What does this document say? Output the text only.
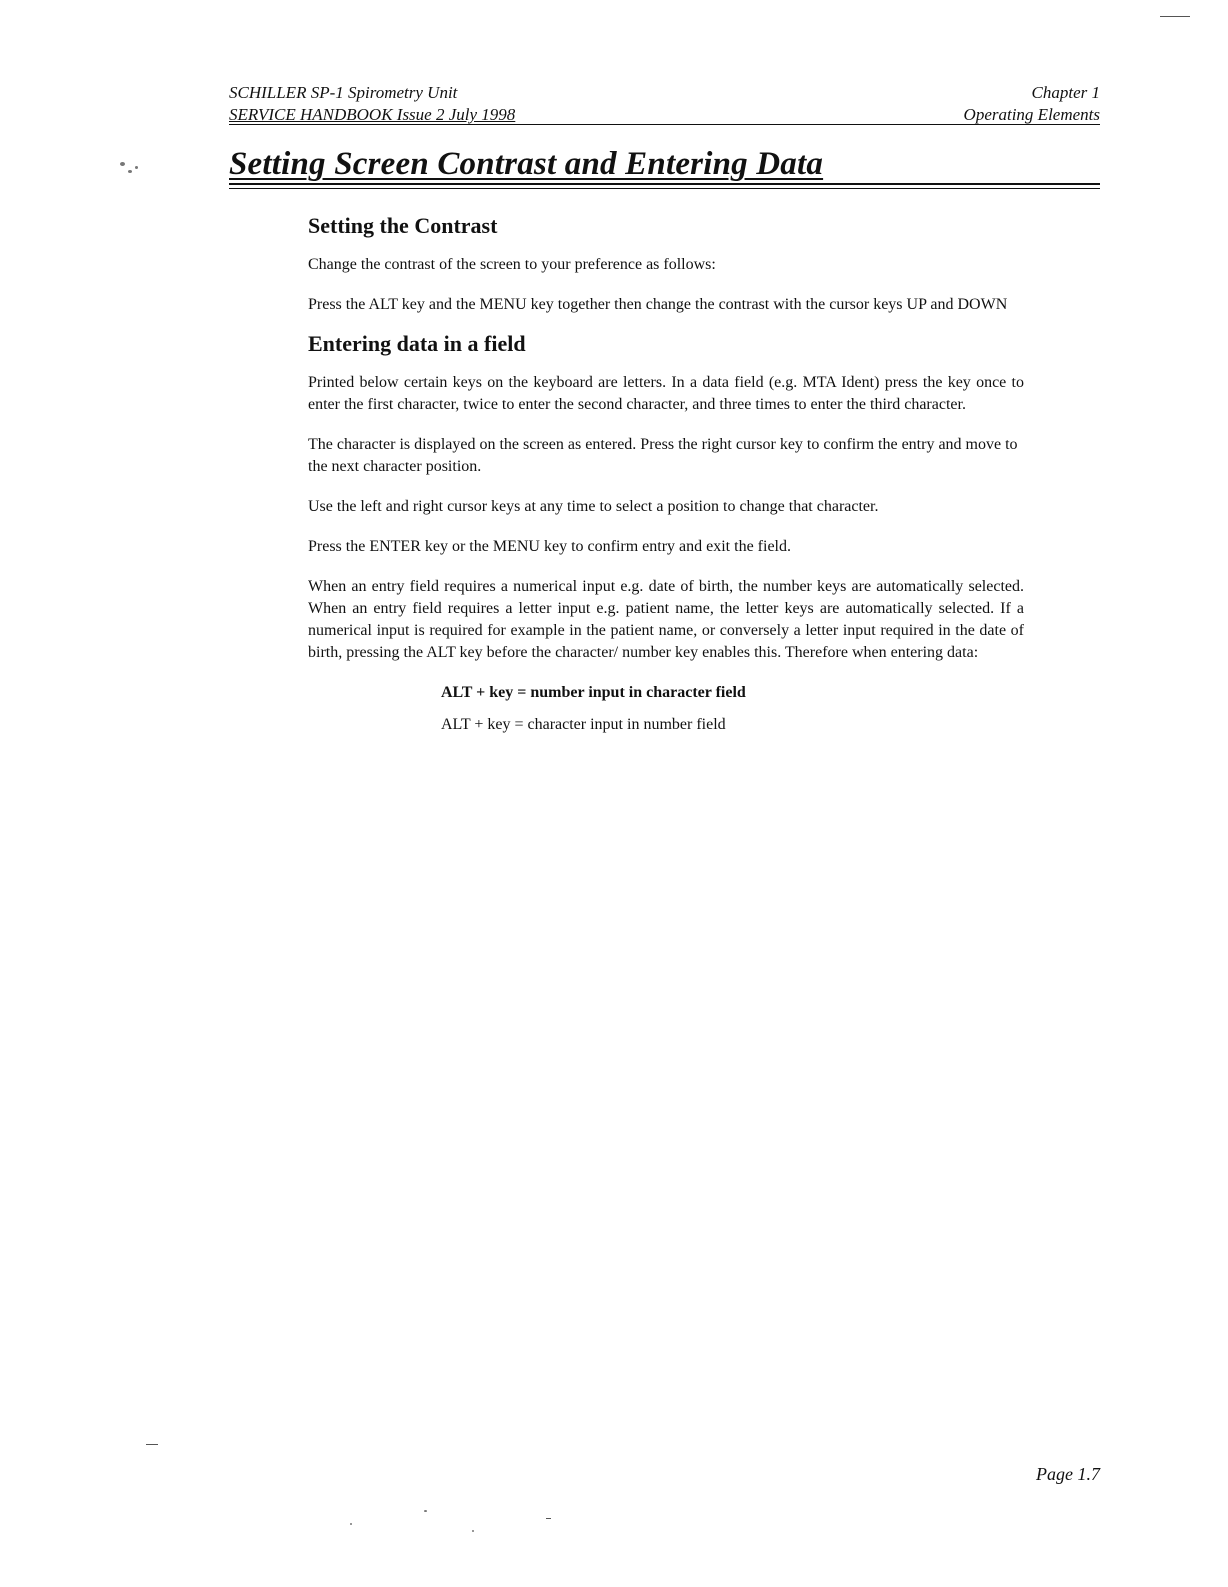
SCHILLER SP-1 Spirometry Unit
SERVICE HANDBOOK Issue 2 July 1998
Chapter 1
Operating Elements
Setting Screen Contrast and Entering Data
Setting the Contrast

Change the contrast of the screen to your preference as follows:

Press the ALT key and the MENU key together then change the contrast with the cursor keys UP and DOWN

Entering data in a field

Printed below certain keys on the keyboard are letters. In a data field (e.g. MTA Ident) press the key once to enter the first character, twice to enter the second character, and three times to enter the third character.

The character is displayed on the screen as entered. Press the right cursor key to confirm the entry and move to the next character position.

Use the left and right cursor keys at any time to select a position to change that character.

Press the ENTER key or the MENU key to confirm entry and exit the field.

When an entry field requires a numerical input e.g. date of birth, the number keys are automatically selected. When an entry field requires a letter input e.g. patient name, the letter keys are automatically selected. If a numerical input is required for example in the patient name, or conversely a letter input required in the date of birth, pressing the ALT key before the character/ number key enables this. Therefore when entering data:

ALT + key = number input in character field
ALT + key = character input in number field
Page 1.7
